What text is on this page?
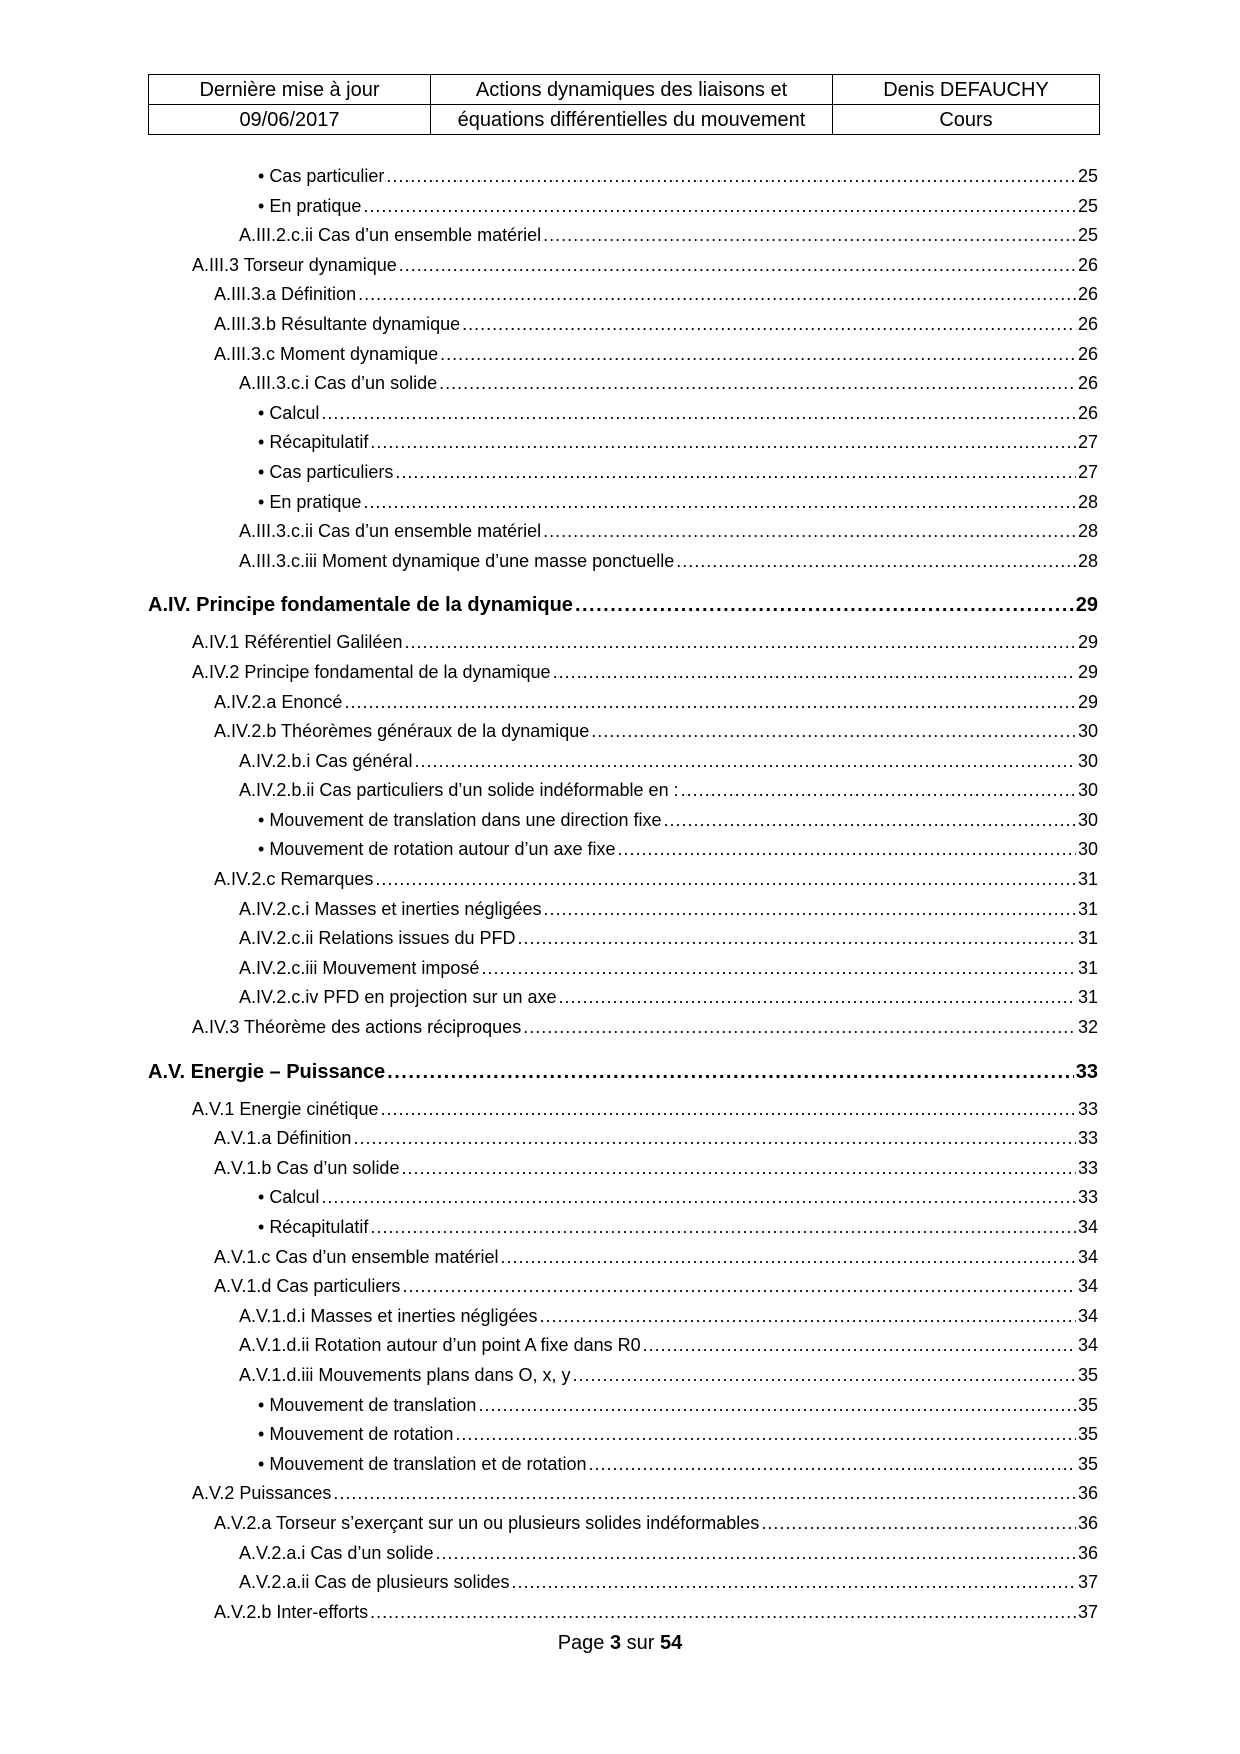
Dernière mise à jour	Actions dynamiques des liaisons et	Denis DEFAUCHY
09/06/2017	équations différentielles du mouvement	Cours
• Cas particulier .....	25
• En pratique .....	25
A.III.2.c.ii Cas d’un ensemble matériel .....	25
A.III.3 Torseur dynamique .....	26
A.III.3.a Définition .....	26
A.III.3.b Résultante dynamique .....	26
A.III.3.c Moment dynamique .....	26
A.III.3.c.i Cas d’un solide .....	26
• Calcul .....	26
• Récapitulatif .....	27
• Cas particuliers .....	27
• En pratique .....	28
A.III.3.c.ii Cas d’un ensemble matériel .....	28
A.III.3.c.iii Moment dynamique d’une masse ponctuelle .....	28
A.IV. Principe fondamentale de la dynamique .....	29
A.IV.1 Référentiel Galiléen .....	29
A.IV.2 Principe fondamental de la dynamique .....	29
A.IV.2.a Enoncé .....	29
A.IV.2.b Théorèmes généraux de la dynamique .....	30
A.IV.2.b.i Cas général .....	30
A.IV.2.b.ii Cas particuliers d’un solide indéformable en : .....	30
• Mouvement de translation dans une direction fixe .....	30
• Mouvement de rotation autour d’un axe fixe .....	30
A.IV.2.c Remarques .....	31
A.IV.2.c.i Masses et inerties négligées .....	31
A.IV.2.c.ii Relations issues du PFD .....	31
A.IV.2.c.iii Mouvement imposé .....	31
A.IV.2.c.iv PFD en projection sur un axe .....	31
A.IV.3 Théorème des actions réciproques .....	32
A.V. Energie – Puissance .....	33
A.V.1 Energie cinétique .....	33
A.V.1.a Définition .....	33
A.V.1.b Cas d’un solide .....	33
• Calcul .....	33
• Récapitulatif .....	34
A.V.1.c Cas d’un ensemble matériel .....	34
A.V.1.d Cas particuliers .....	34
A.V.1.d.i Masses et inerties négligées .....	34
A.V.1.d.ii Rotation autour d’un point A fixe dans R0 .....	34
A.V.1.d.iii Mouvements plans dans O, x, y .....	35
• Mouvement de translation .....	35
• Mouvement de rotation .....	35
• Mouvement de translation et de rotation .....	35
A.V.2 Puissances .....	36
A.V.2.a Torseur s’exerçant sur un ou plusieurs solides indéformables .....	36
A.V.2.a.i Cas d’un solide .....	36
A.V.2.a.ii Cas de plusieurs solides .....	37
A.V.2.b Inter-efforts .....	37
Page 3 sur 54
